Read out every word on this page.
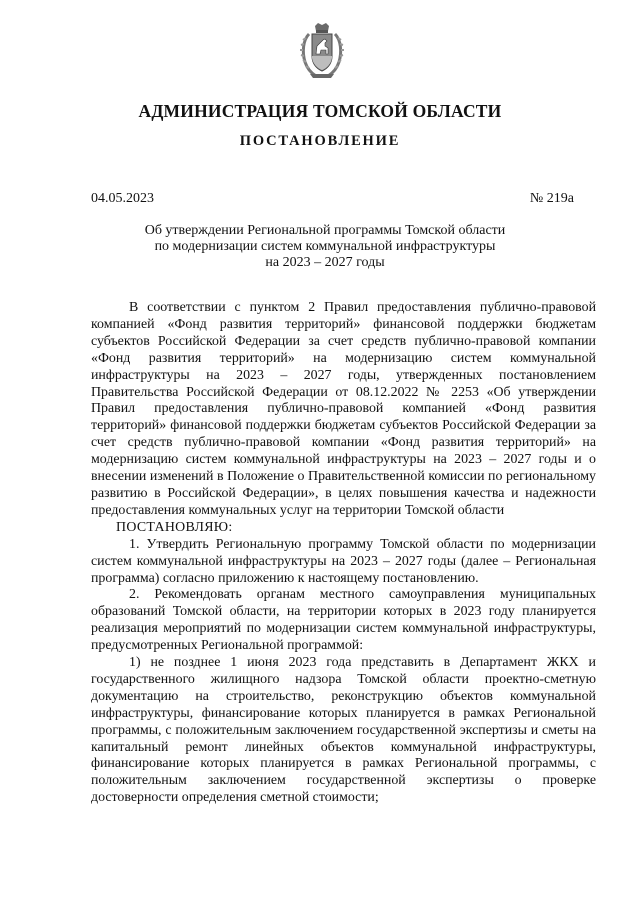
АДМИНИСТРАЦИЯ ТОМСКОЙ ОБЛАСТИ
ПОСТАНОВЛЕНИЕ
04.05.2023	№ 219а
Об утверждении Региональной программы Томской области
по модернизации систем коммунальной инфраструктуры
на 2023 – 2027 годы

В соответствии с пунктом 2 Правил предоставления публично-правовой компанией «Фонд развития территорий» финансовой поддержки бюджетам субъектов Российской Федерации за счет средств публично-правовой компании «Фонд развития территорий» на модернизацию систем коммунальной инфраструктуры на 2023 – 2027 годы, утвержденных постановлением Правительства Российской Федерации от 08.12.2022 № 2253 «Об утверждении Правил предоставления публично-правовой компанией «Фонд развития территорий» финансовой поддержки бюджетам субъектов Российской Федерации за счет средств публично-правовой компании «Фонд развития территорий» на модернизацию систем коммунальной инфраструктуры на 2023 – 2027 годы и о внесении изменений в Положение о Правительственной комиссии по региональному развитию в Российской Федерации», в целях повышения качества и надежности предоставления коммунальных услуг на территории Томской области

ПОСТАНОВЛЯЮ:

1. Утвердить Региональную программу Томской области по модернизации систем коммунальной инфраструктуры на 2023 – 2027 годы (далее – Региональная программа) согласно приложению к настоящему постановлению.

2. Рекомендовать органам местного самоуправления муниципальных образований Томской области, на территории которых в 2023 году планируется реализация мероприятий по модернизации систем коммунальной инфраструктуры, предусмотренных Региональной программой:

1) не позднее 1 июня 2023 года представить в Департамент ЖКХ и государственного жилищного надзора Томской области проектно-сметную документацию на строительство, реконструкцию объектов коммунальной инфраструктуры, финансирование которых планируется в рамках Региональной программы, с положительным заключением государственной экспертизы и сметы на капитальный ремонт линейных объектов коммунальной инфраструктуры, финансирование которых планируется в рамках Региональной программы, с положительным заключением государственной экспертизы о проверке достоверности определения сметной стоимости;
